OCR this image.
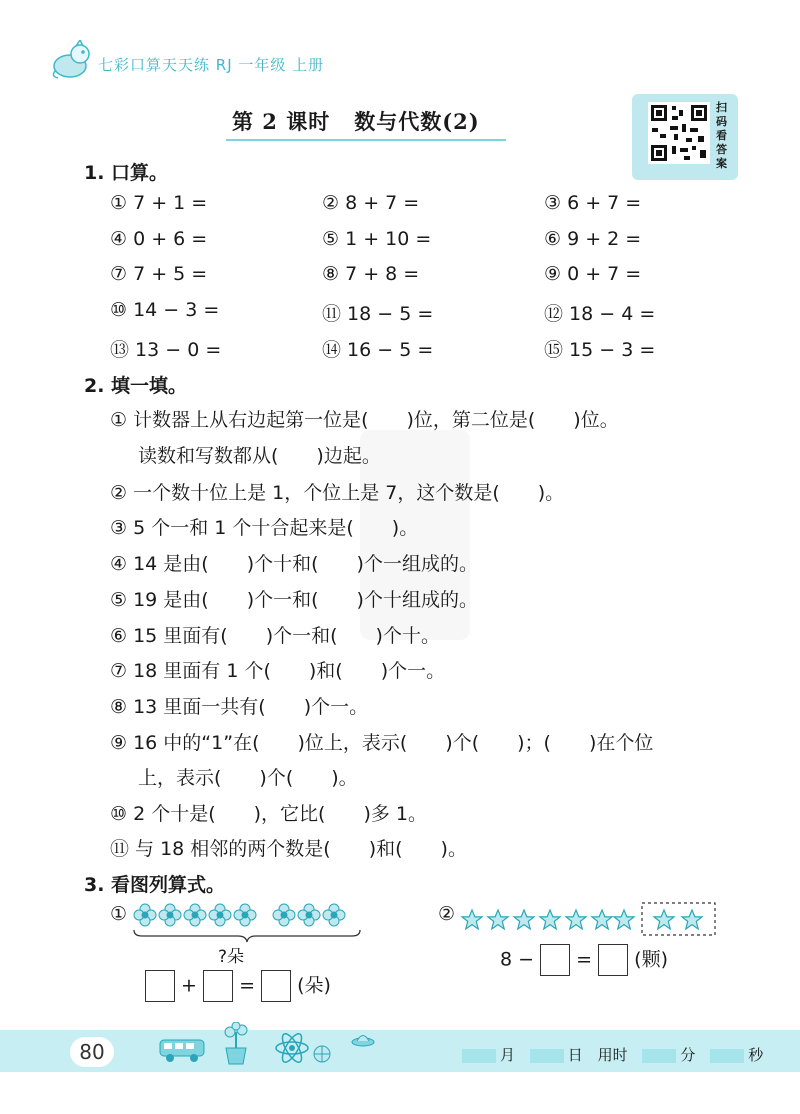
七彩口算天天练 RJ 一年级 上册
第 2 课时 数与代数(2)
扫码看答案
1. 口算。
① 7 + 1 =	② 8 + 7 =	③ 6 + 7 =
④ 0 + 6 =	⑤ 1 + 10 =	⑥ 9 + 2 =
⑦ 7 + 5 =	⑧ 7 + 8 =	⑨ 0 + 7 =
⑩ 14 − 3 =	⑪ 18 − 5 =	⑫ 18 − 4 =
⑬ 13 − 0 =	⑭ 16 − 5 =	⑮ 15 − 3 =
2. 填一填。
① 计数器上从右边起第一位是(　　)位，第二位是(　　)位。
读数和写数都从(　　)边起。
② 一个数十位上是 1，个位上是 7，这个数是(　　)。
③ 5 个一和 1 个十合起来是(　　)。
④ 14 是由(　　)个十和(　　)个一组成的。
⑤ 19 是由(　　)个一和(　　)个十组成的。
⑥ 15 里面有(　　)个一和(　　)个十。
⑦ 18 里面有 1 个(　　)和(　　)个一。
⑧ 13 里面一共有(　　)个一。
⑨ 16 中的“1”在(　　)位上，表示(　　)个(　　)；(　　)在个位
上，表示(　　)个(　　)。
⑩ 2 个十是(　　)，它比(　　)多 1。
⑪ 与 18 相邻的两个数是(　　)和(　　)。
3. 看图列算式。
①
?朵
+ = (朵)
②
8 − = (颗)
80	月	日 用时	分	秒
